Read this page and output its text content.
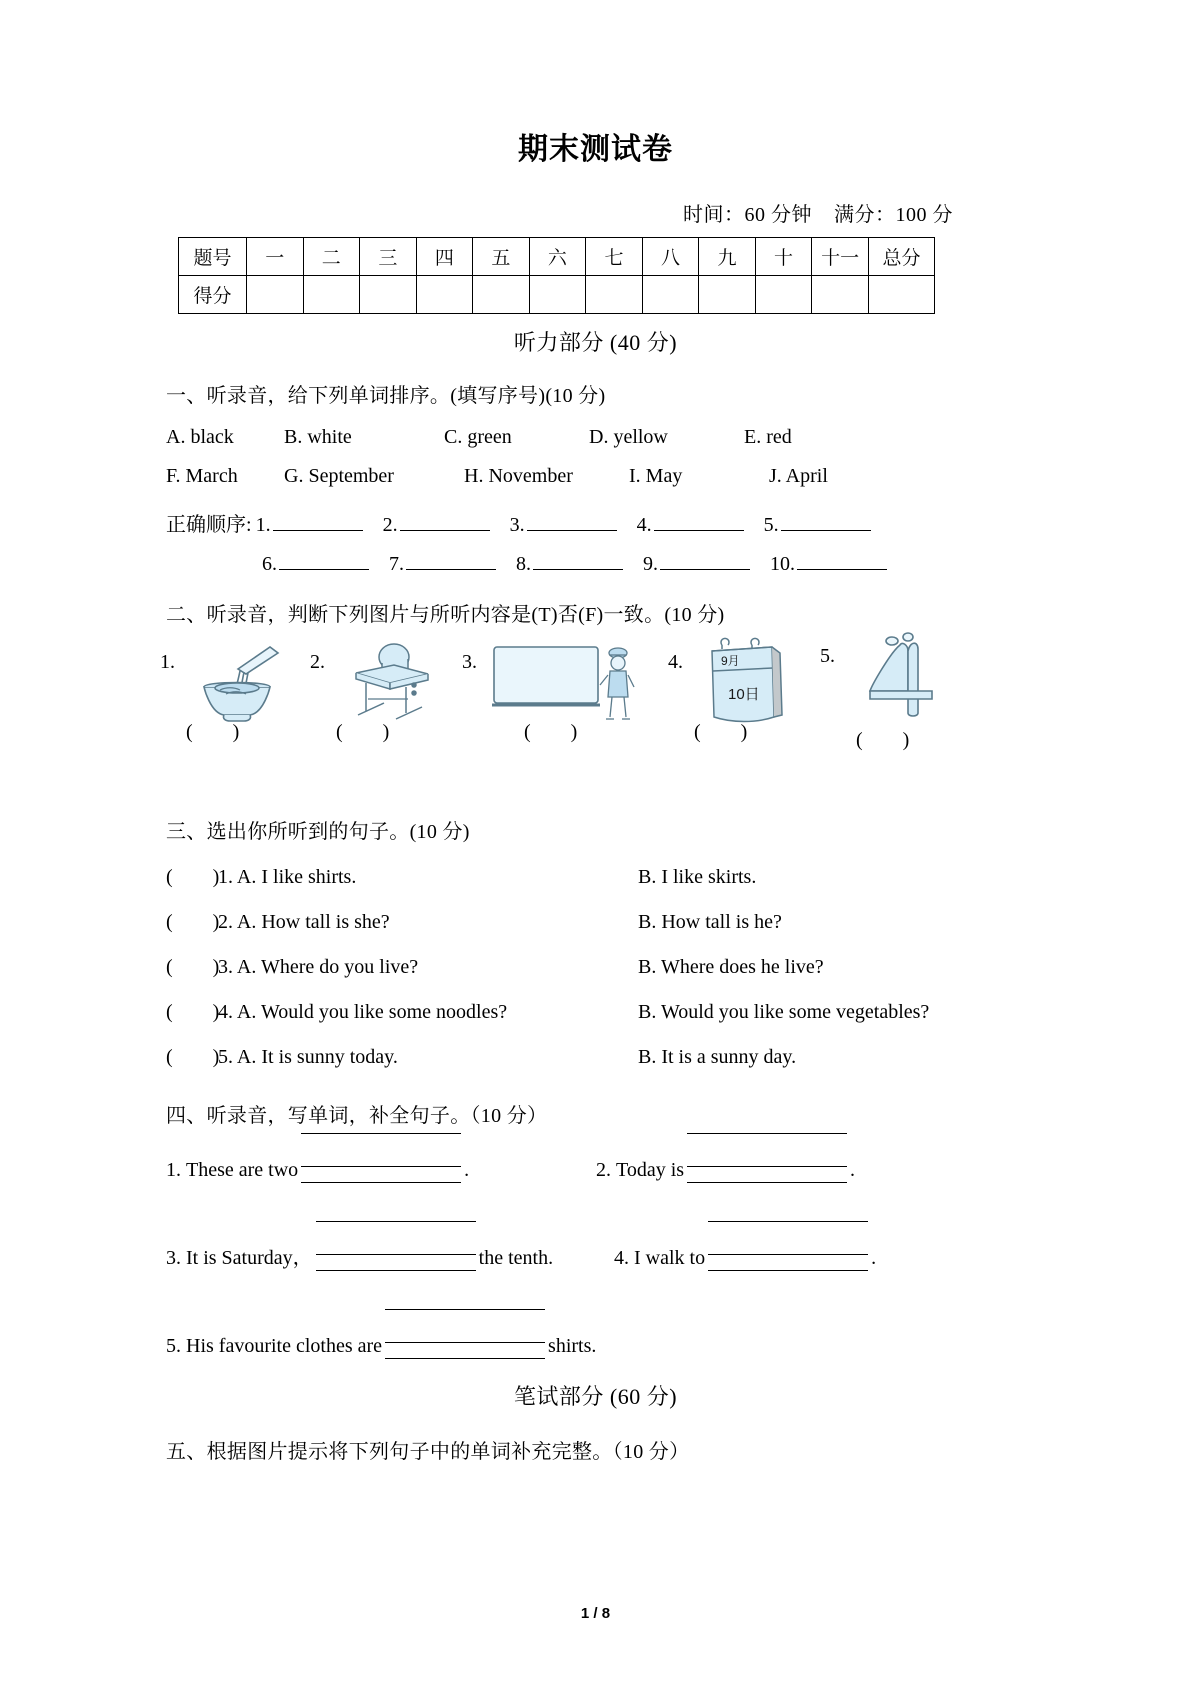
期末测试卷
时间：60 分钟 满分：100 分
题号	一	二	三	四	五	六	七	八	九	十	十一	总分
得分												
听力部分 (40 分)
一、听录音，给下列单词排序。(填写序号)(10 分)
A. black	B. white	C. green	D. yellow	E. red
F. March	G. September	H. November	I. May	J. April
正确顺序: 1.	2.	3.	4.	5.
6.	7.	8.	9.	10.
二、听录音，判断下列图片与所听内容是(T)否(F)一致。(10 分)
1.
(        )
2.
(        )
3.
(        )
4.	9月
10日
(        )
5.
(        )
三、选出你所听到的句子。(10 分)
(        )
1. A. I like shirts.	B. I like skirts.
(        )
2. A. How tall is she?	B. How tall is he?
(        )
3. A. Where do you live?	B. Where does he live?
(        )
4. A. Would you like some noodles?	B. Would you like some vegetables?
(        )
5. A. It is sunny today.	B. It is a sunny day.
四、听录音，写单词，补全句子。（10 分）
1.
These are two	.	2.
Today is	.
3.
It is Saturday，	the tenth.	4.
I walk to	.
5.
His favourite clothes are	shirts.
笔试部分 (60 分)
五、根据图片提示将下列句子中的单词补充完整。（10 分）
1 / 8
